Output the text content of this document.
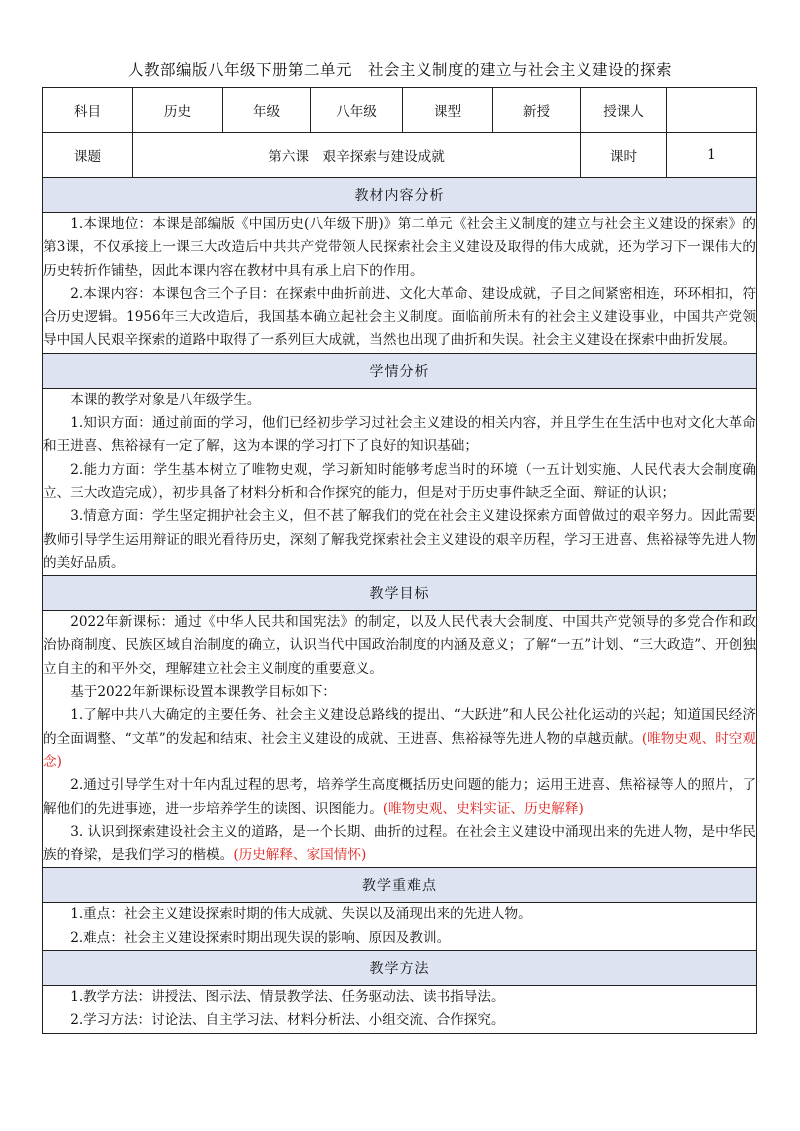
人教部编版八年级下册第二单元　社会主义制度的建立与社会主义建设的探索
科目	历史	年级	八年级	课型	新授	授课人	
课题	第六课　艰辛探索与建设成就					课时	1
教材内容分析							

1.本课地位：本课是部编版《中国历史(八年级下册)》第二单元《社会主义制度的建立与社会主义建设的探索》的第3课，不仅承接上一课三大改造后中共共产党带领人民探索社会主义建设及取得的伟大成就，还为学习下一课伟大的历史转折作铺垫，因此本课内容在教材中具有承上启下的作用。

2.本课内容：本课包含三个子目：在探索中曲折前进、文化大革命、建设成就，子目之间紧密相连，环环相扣，符合历史逻辑。1956年三大改造后，我国基本确立起社会主义制度。面临前所未有的社会主义建设事业，中国共产党领导中国人民艰辛探索的道路中取得了一系列巨大成就，当然也出现了曲折和失误。社会主义建设在探索中曲折发展。							

学情分析							

本课的教学对象是八年级学生。

1.知识方面：通过前面的学习，他们已经初步学习过社会主义建设的相关内容，并且学生在生活中也对文化大革命和王进喜、焦裕禄有一定了解，这为本课的学习打下了良好的知识基础；

2.能力方面：学生基本树立了唯物史观，学习新知时能够考虑当时的环境（一五计划实施、人民代表大会制度确立、三大改造完成），初步具备了材料分析和合作探究的能力，但是对于历史事件缺乏全面、辩证的认识；

3.情意方面：学生坚定拥护社会主义，但不甚了解我们的党在社会主义建设探索方面曾做过的艰辛努力。因此需要教师引导学生运用辩证的眼光看待历史，深刻了解我党探索社会主义建设的艰辛历程，学习王进喜、焦裕禄等先进人物的美好品质。							

教学目标							

2022年新课标：通过《中华人民共和国宪法》的制定，以及人民代表大会制度、中国共产党领导的多党合作和政治协商制度、民族区域自治制度的确立，认识当代中国政治制度的内涵及意义；了解“一五”计划、“三大政造”、开创独立自主的和平外交，理解建立社会主义制度的重要意义。

基于2022年新课标设置本课教学目标如下：

1.了解中共八大确定的主要任务、社会主义建设总路线的提出、“大跃进”和人民公社化运动的兴起；知道国民经济的全面调整、“文革”的发起和结束、社会主义建设的成就、王进喜、焦裕禄等先进人物的卓越贡献。(唯物史观、时空观念)

2.通过引导学生对十年内乱过程的思考，培养学生高度概括历史问题的能力；运用王进喜、焦裕禄等人的照片，了解他们的先进事迹，进一步培养学生的读图、识图能力。(唯物史观、史料实证、历史解释)

3. 认识到探索建设社会主义的道路，是一个长期、曲折的过程。在社会主义建设中涌现出来的先进人物，是中华民族的脊梁，是我们学习的楷模。(历史解释、家国情怀)							

教学重难点							

1.重点：社会主义建设探索时期的伟大成就、失误以及涌现出来的先进人物。

2.难点：社会主义建设探索时期出现失误的影响、原因及教训。							

教学方法							

1.教学方法：讲授法、图示法、情景教学法、任务驱动法、读书指导法。

2.学习方法：讨论法、自主学习法、材料分析法、小组交流、合作探究。							
